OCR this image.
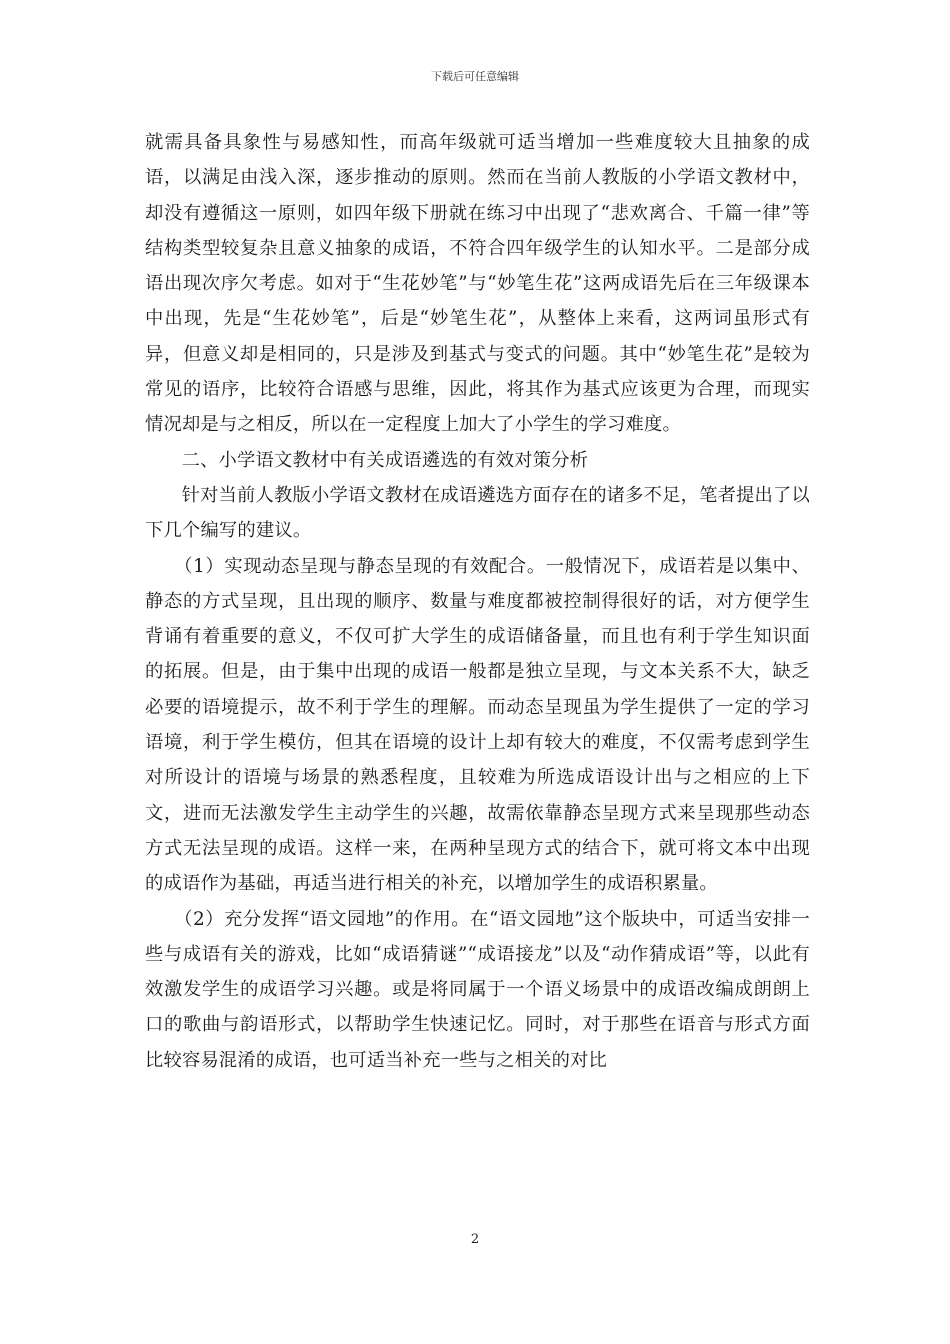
下载后可任意编辑

就需具备具象性与易感知性，而高年级就可适当增加一些难度较大且抽象的成语，以满足由浅入深，逐步推动的原则。然而在当前人教版的小学语文教材中，却没有遵循这一原则，如四年级下册就在练习中出现了“悲欢离合、千篇一律”等结构类型较复杂且意义抽象的成语，不符合四年级学生的认知水平。二是部分成语出现次序欠考虑。如对于“生花妙笔”与“妙笔生花”这两成语先后在三年级课本中出现，先是“生花妙笔”，后是“妙笔生花”，从整体上来看，这两词虽形式有异，但意义却是相同的，只是涉及到基式与变式的问题。其中“妙笔生花”是较为常见的语序，比较符合语感与思维，因此，将其作为基式应该更为合理，而现实情况却是与之相反，所以在一定程度上加大了小学生的学习难度。

二、小学语文教材中有关成语遴选的有效对策分析

针对当前人教版小学语文教材在成语遴选方面存在的诸多不足，笔者提出了以下几个编写的建议。

（1）实现动态呈现与静态呈现的有效配合。一般情况下，成语若是以集中、静态的方式呈现，且出现的顺序、数量与难度都被控制得很好的话，对方便学生背诵有着重要的意义，不仅可扩大学生的成语储备量，而且也有利于学生知识面的拓展。但是，由于集中出现的成语一般都是独立呈现，与文本关系不大，缺乏必要的语境提示，故不利于学生的理解。而动态呈现虽为学生提供了一定的学习语境，利于学生模仿，但其在语境的设计上却有较大的难度，不仅需考虑到学生对所设计的语境与场景的熟悉程度，且较难为所选成语设计出与之相应的上下文，进而无法激发学生主动学生的兴趣，故需依靠静态呈现方式来呈现那些动态方式无法呈现的成语。这样一来，在两种呈现方式的结合下，就可将文本中出现的成语作为基础，再适当进行相关的补充，以增加学生的成语积累量。

（2）充分发挥“语文园地”的作用。在“语文园地”这个版块中，可适当安排一些与成语有关的游戏，比如“成语猜谜”“成语接龙”以及“动作猜成语”等，以此有效激发学生的成语学习兴趣。或是将同属于一个语义场景中的成语改编成朗朗上口的歌曲与韵语形式，以帮助学生快速记忆。同时，对于那些在语音与形式方面比较容易混淆的成语，也可适当补充一些与之相关的对比

2
